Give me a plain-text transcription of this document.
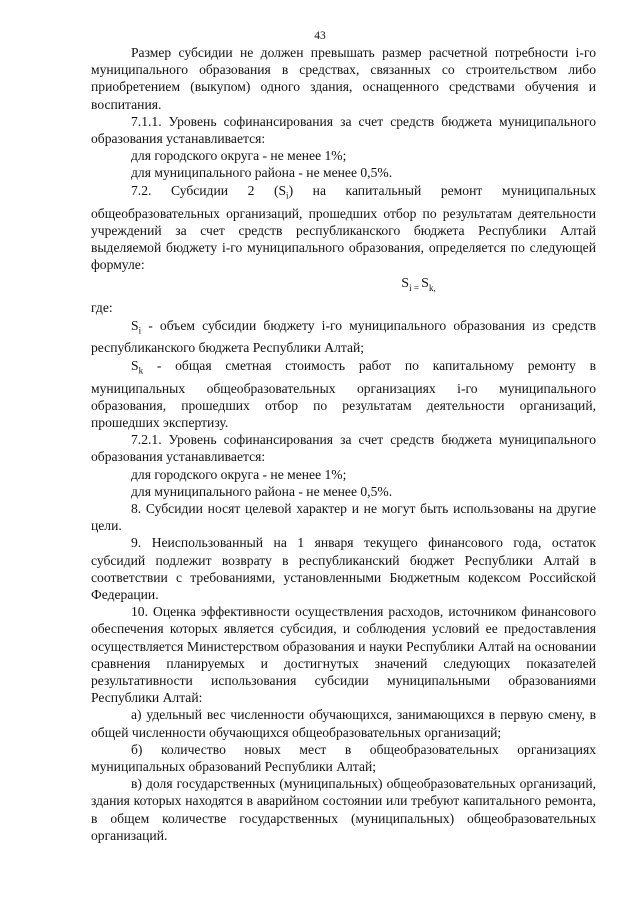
43

Размер субсидии не должен превышать размер расчетной потребности i-го муниципального образования в средствах, связанных со строительством либо приобретением (выкупом) одного здания, оснащенного средствами обучения и воспитания.

7.1.1. Уровень софинансирования за счет средств бюджета муниципального образования устанавливается:

для городского округа - не менее 1%;

для муниципального района - не менее 0,5%.

7.2. Субсидии 2 $(S_i)$ на капитальный ремонт муниципальных общеобразовательных организаций, прошедших отбор по результатам деятельности учреждений за счет средств республиканского бюджета Республики Алтай выделяемой бюджету i-го муниципального образования, определяется по следующей формуле:

$S_{i =}$ $S_{k,}$

где:

$S_i$ - объем субсидии бюджету i-го муниципального образования из средств республиканского бюджета Республики Алтай;

$S_k$ - общая сметная стоимость работ по капитальному ремонту в муниципальных общеобразовательных организациях i-го муниципального образования, прошедших отбор по результатам деятельности организаций, прошедших экспертизу.

7.2.1. Уровень софинансирования за счет средств бюджета муниципального образования устанавливается:

для городского округа - не менее 1%;

для муниципального района - не менее 0,5%.

8. Субсидии носят целевой характер и не могут быть использованы на другие цели.

9. Неиспользованный на 1 января текущего финансового года, остаток субсидий подлежит возврату в республиканский бюджет Республики Алтай в соответствии с требованиями, установленными Бюджетным кодексом Российской Федерации.

10. Оценка эффективности осуществления расходов, источником финансового обеспечения которых является субсидия, и соблюдения условий ее предоставления осуществляется Министерством образования и науки Республики Алтай на основании сравнения планируемых и достигнутых значений следующих показателей результативности использования субсидии муниципальными образованиями Республики Алтай:

а) удельный вес численности обучающихся, занимающихся в первую смену, в общей численности обучающихся общеобразовательных организаций;

б) количество новых мест в общеобразовательных организациях муниципальных образований Республики Алтай;

в) доля государственных (муниципальных) общеобразовательных организаций, здания которых находятся в аварийном состоянии или требуют капитального ремонта, в общем количестве государственных (муниципальных) общеобразовательных организаций.
